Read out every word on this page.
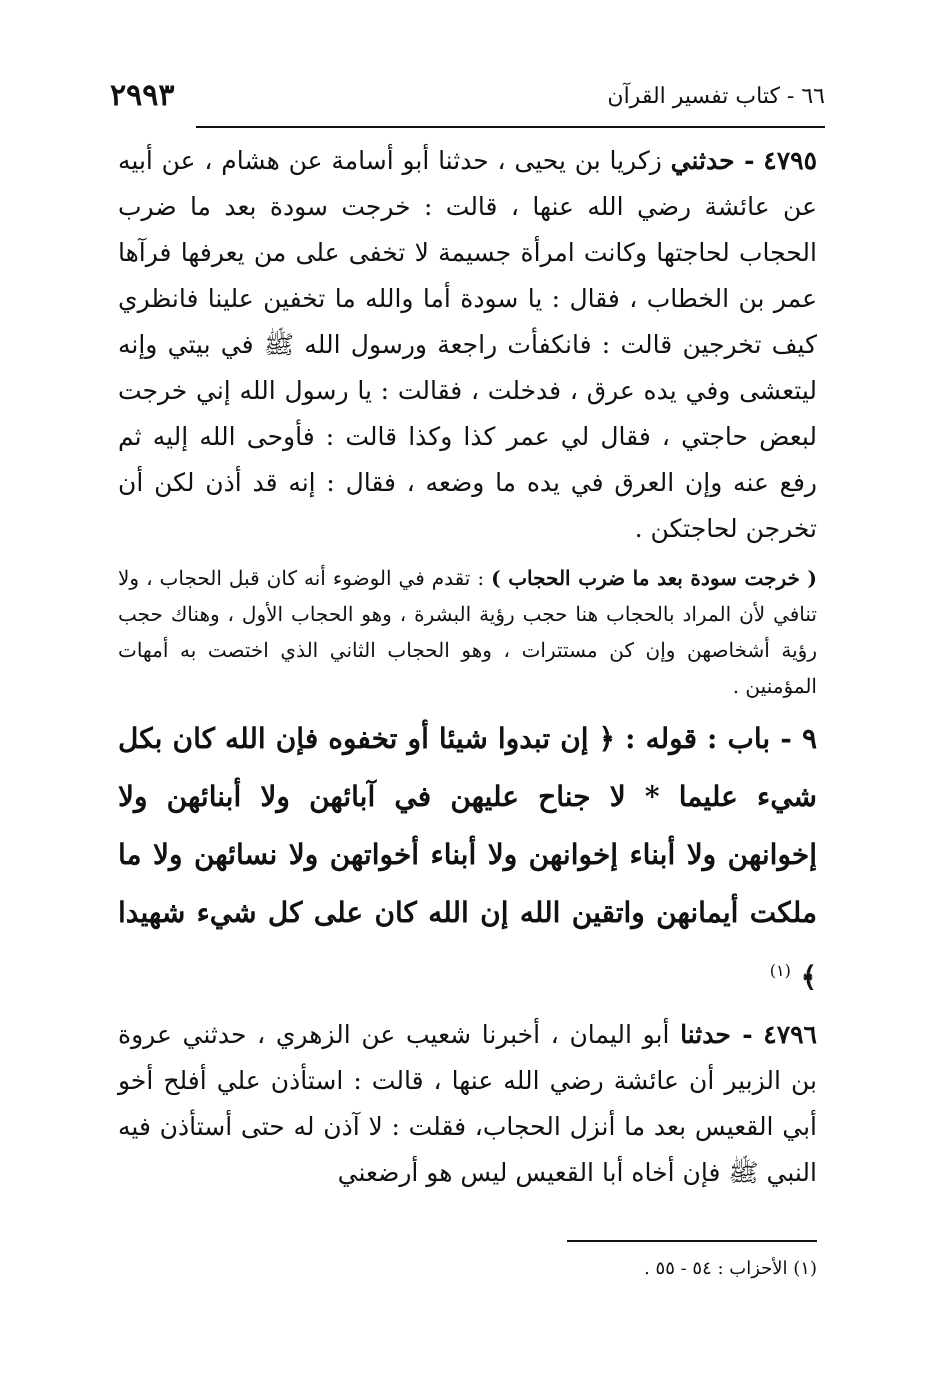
٦٦ - كتاب تفسير القرآن
٢٩٩٣

٤٧٩٥ - حدثني زكريا بن يحيى ، حدثنا أبو أسامة عن هشام ، عن أبيه عن عائشة رضي الله عنها ، قالت : خرجت سودة بعد ما ضرب الحجاب لحاجتها وكانت امرأة جسيمة لا تخفى على من يعرفها فرآها عمر بن الخطاب ، فقال : يا سودة أما والله ما تخفين علينا فانظري كيف تخرجين قالت : فانكفأت راجعة ورسول الله ﷺ في بيتي وإنه ليتعشى وفي يده عرق ، فدخلت ، فقالت : يا رسول الله إني خرجت لبعض حاجتي ، فقال لي عمر كذا وكذا قالت : فأوحى الله إليه ثم رفع عنه وإن العرق في يده ما وضعه ، فقال : إنه قد أذن لكن أن تخرجن لحاجتكن .

( خرجت سودة بعد ما ضرب الحجاب ) : تقدم في الوضوء أنه كان قبل الحجاب ، ولا تنافي لأن المراد بالحجاب هنا حجب رؤية البشرة ، وهو الحجاب الأول ، وهناك حجب رؤية أشخاصهن وإن كن مستترات ، وهو الحجاب الثاني الذي اختصت به أمهات المؤمنين .

٩ - باب : قوله : ﴿ إن تبدوا شيئا أو تخفوه فإن الله كان بكل شيء عليما * لا جناح عليهن في آبائهن ولا أبنائهن ولا إخوانهن ولا أبناء إخوانهن ولا أبناء أخواتهن ولا نسائهن ولا ما ملكت أيمانهن واتقين الله إن الله كان على كل شيء شهيدا ﴾ $^{(١)}$

٤٧٩٦ - حدثنا أبو اليمان ، أخبرنا شعيب عن الزهري ، حدثني عروة بن الزبير أن عائشة رضي الله عنها ، قالت : استأذن علي أفلح أخو أبي القعيس بعد ما أنزل الحجاب، فقلت : لا آذن له حتى أستأذن فيه النبي ﷺ فإن أخاه أبا القعيس ليس هو أرضعني

(١) الأحزاب : ٥٤ - ٥٥ .
